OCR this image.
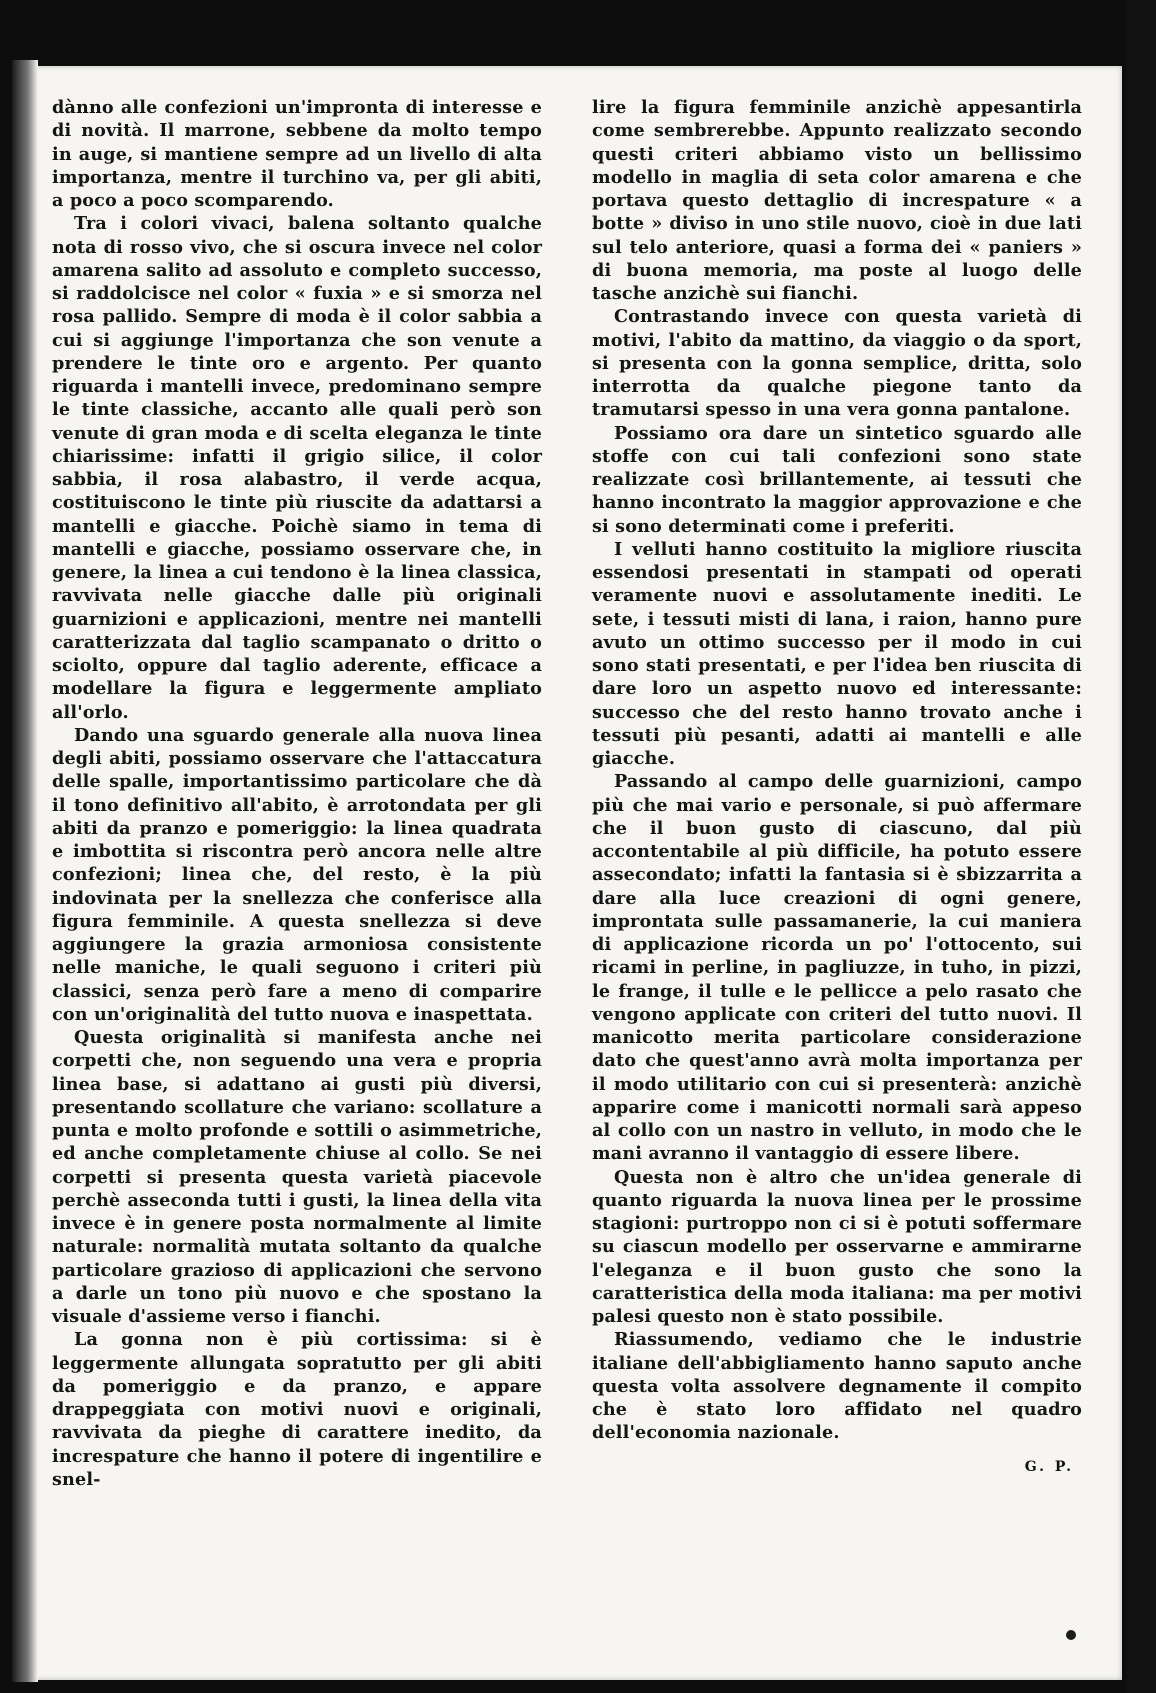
dànno alle confezioni un'impronta di interesse e di novità. Il marrone, sebbene da molto tempo in auge, si mantiene sempre ad un livello di alta importanza, mentre il turchino va, per gli abiti, a poco a poco scomparendo.

Tra i colori vivaci, balena soltanto qualche nota di rosso vivo, che si oscura invece nel color amarena salito ad assoluto e completo successo, si raddolcisce nel color « fuxia » e si smorza nel rosa pallido. Sempre di moda è il color sabbia a cui si aggiunge l'importanza che son venute a prendere le tinte oro e argento. Per quanto riguarda i mantelli invece, predominano sempre le tinte classiche, accanto alle quali però son venute di gran moda e di scelta eleganza le tinte chiarissime: infatti il grigio silice, il color sabbia, il rosa alabastro, il verde acqua, costituiscono le tinte più riuscite da adattarsi a mantelli e giacche. Poichè siamo in tema di mantelli e giacche, possiamo osservare che, in genere, la linea a cui tendono è la linea classica, ravvivata nelle giacche dalle più originali guarnizioni e applicazioni, mentre nei mantelli caratterizzata dal taglio scampanato o dritto o sciolto, oppure dal taglio aderente, efficace a modellare la figura e leggermente ampliato all'orlo.

Dando una sguardo generale alla nuova linea degli abiti, possiamo osservare che l'attaccatura delle spalle, importantissimo particolare che dà il tono definitivo all'abito, è arrotondata per gli abiti da pranzo e pomeriggio: la linea quadrata e imbottita si riscontra però ancora nelle altre confezioni; linea che, del resto, è la più indovinata per la snellezza che conferisce alla figura femminile. A questa snellezza si deve aggiungere la grazia armoniosa consistente nelle maniche, le quali seguono i criteri più classici, senza però fare a meno di comparire con un'originalità del tutto nuova e inaspettata.

Questa originalità si manifesta anche nei corpetti che, non seguendo una vera e propria linea base, si adattano ai gusti più diversi, presentando scollature che variano: scollature a punta e molto profonde e sottili o asimmetriche, ed anche completamente chiuse al collo. Se nei corpetti si presenta questa varietà piacevole perchè asseconda tutti i gusti, la linea della vita invece è in genere posta normalmente al limite naturale: normalità mutata soltanto da qualche particolare grazioso di applicazioni che servono a darle un tono più nuovo e che spostano la visuale d'assieme verso i fianchi.

La gonna non è più cortissima: si è leggermente allungata sopratutto per gli abiti da pomeriggio e da pranzo, e appare drappeggiata con motivi nuovi e originali, ravvivata da pieghe di carattere inedito, da increspature che hanno il potere di ingentilire e snel-

lire la figura femminile anzichè appesantirla come sembrerebbe. Appunto realizzato secondo questi criteri abbiamo visto un bellissimo modello in maglia di seta color amarena e che portava questo dettaglio di increspature « a botte » diviso in uno stile nuovo, cioè in due lati sul telo anteriore, quasi a forma dei « paniers » di buona memoria, ma poste al luogo delle tasche anzichè sui fianchi.

Contrastando invece con questa varietà di motivi, l'abito da mattino, da viaggio o da sport, si presenta con la gonna semplice, dritta, solo interrotta da qualche piegone tanto da tramutarsi spesso in una vera gonna pantalone.

Possiamo ora dare un sintetico sguardo alle stoffe con cui tali confezioni sono state realizzate così brillantemente, ai tessuti che hanno incontrato la maggior approvazione e che si sono determinati come i preferiti.

I velluti hanno costituito la migliore riuscita essendosi presentati in stampati od operati veramente nuovi e assolutamente inediti. Le sete, i tessuti misti di lana, i raion, hanno pure avuto un ottimo successo per il modo in cui sono stati presentati, e per l'idea ben riuscita di dare loro un aspetto nuovo ed interessante: successo che del resto hanno trovato anche i tessuti più pesanti, adatti ai mantelli e alle giacche.

Passando al campo delle guarnizioni, campo più che mai vario e personale, si può affermare che il buon gusto di ciascuno, dal più accontentabile al più difficile, ha potuto essere assecondato; infatti la fantasia si è sbizzarrita a dare alla luce creazioni di ogni genere, improntata sulle passamanerie, la cui maniera di applicazione ricorda un po' l'ottocento, sui ricami in perline, in pagliuzze, in tuho, in pizzi, le frange, il tulle e le pellicce a pelo rasato che vengono applicate con criteri del tutto nuovi. Il manicotto merita particolare considerazione dato che quest'anno avrà molta importanza per il modo utilitario con cui si presenterà: anzichè apparire come i manicotti normali sarà appeso al collo con un nastro in velluto, in modo che le mani avranno il vantaggio di essere libere.

Questa non è altro che un'idea generale di quanto riguarda la nuova linea per le prossime stagioni: purtroppo non ci si è potuti soffermare su ciascun modello per osservarne e ammirarne l'eleganza e il buon gusto che sono la caratteristica della moda italiana: ma per motivi palesi questo non è stato possibile.

Riassumendo, vediamo che le industrie italiane dell'abbigliamento hanno saputo anche questa volta assolvere degnamente il compito che è stato loro affidato nel quadro dell'economia nazionale.

G. P.
